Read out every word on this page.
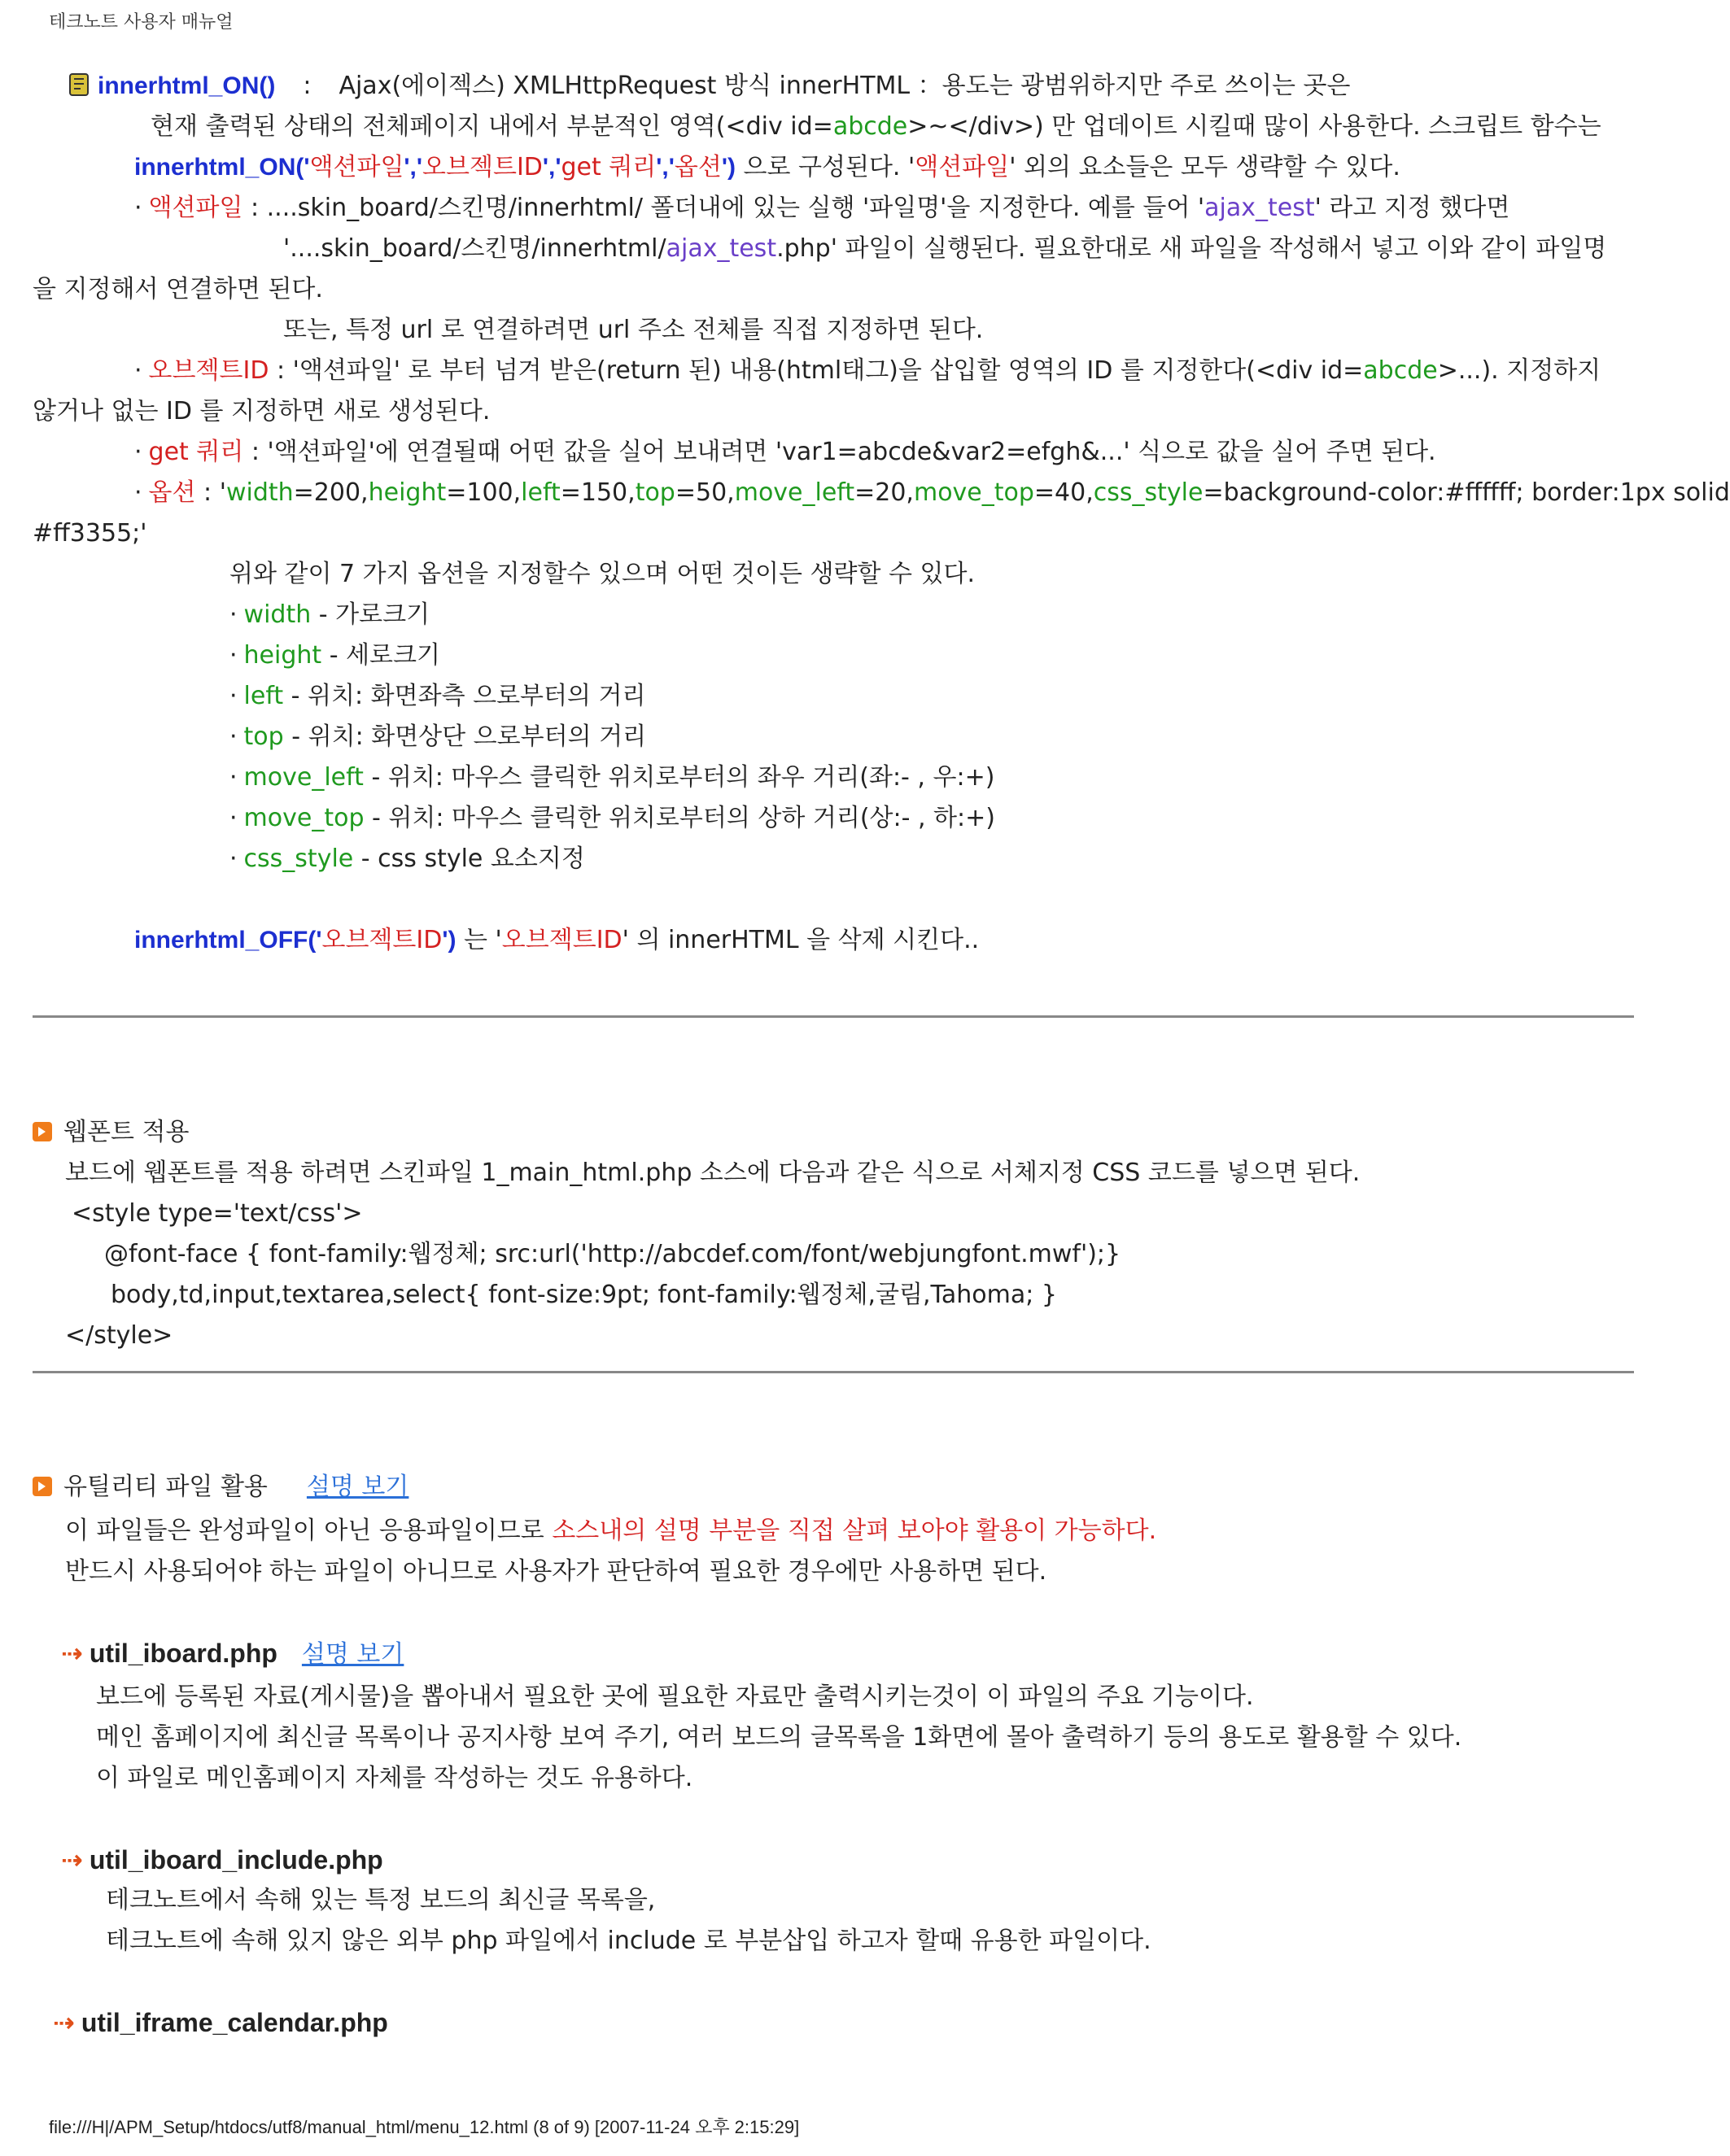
테크노트 사용자 매뉴얼
innerhtml_ON() : Ajax(에이젝스) XMLHttpRequest 방식 innerHTML ：용도는 광범위하지만 주로 쓰이는 곳은
현재 출력된 상태의 전체페이지 내에서 부분적인 영역(<div id=abcde>~</div>) 만 업데이트 시킬때 많이 사용한다. 스크립트 함수는
innerhtml_ON('액션파일','오브젝트ID','get 쿼리','옵션') 으로 구성된다. '액션파일' 외의 요소들은 모두 생략할 수 있다.
· 액션파일 : ....skin_board/스킨명/innerhtml/ 폴더내에 있는 실행 '파일명'을 지정한다. 예를 들어 'ajax_test' 라고 지정 했다면
'....skin_board/스킨명/innerhtml/ajax_test.php' 파일이 실행된다. 필요한대로 새 파일을 작성해서 넣고 이와 같이 파일명
을 지정해서 연결하면 된다.
또는, 특정 url 로 연결하려면 url 주소 전체를 직접 지정하면 된다.
· 오브젝트ID : '액션파일' 로 부터 넘겨 받은(return 된) 내용(html태그)을 삽입할 영역의 ID 를 지정한다(<div id=abcde>...). 지정하지
않거나 없는 ID 를 지정하면 새로 생성된다.
· get 쿼리 : '액션파일'에 연결될때 어떤 값을 실어 보내려면 'var1=abcde&var2=efgh&...' 식으로 값을 실어 주면 된다.
· 옵션 : 'width=200,height=100,left=150,top=50,move_left=20,move_top=40,css_style=background-color:#ffffff; border:1px solid
#ff3355;'
위와 같이 7 가지 옵션을 지정할수 있으며 어떤 것이든 생략할 수 있다.
· width - 가로크기
· height - 세로크기
· left - 위치: 화면좌측 으로부터의 거리
· top - 위치: 화면상단 으로부터의 거리
· move_left - 위치: 마우스 클릭한 위치로부터의 좌우 거리(좌:- , 우:+)
· move_top - 위치: 마우스 클릭한 위치로부터의 상하 거리(상:- , 하:+)
· css_style - css style 요소지정
innerhtml_OFF('오브젝트ID') 는 '오브젝트ID' 의 innerHTML 을 삭제 시킨다..
웹폰트 적용
보드에 웹폰트를 적용 하려면 스킨파일 1_main_html.php 소스에 다음과 같은 식으로 서체지정 CSS 코드를 넣으면 된다.
<style type='text/css'>
@font-face { font-family:웹정체; src:url('http://abcdef.com/font/webjungfont.mwf');}
body,td,input,textarea,select{ font-size:9pt; font-family:웹정체,굴림,Tahoma; }
</style>
유틸리티 파일 활용 설명 보기
이 파일들은 완성파일이 아닌 응용파일이므로 소스내의 설명 부분을 직접 살펴 보아야 활용이 가능하다.
반드시 사용되어야 하는 파일이 아니므로 사용자가 판단하여 필요한 경우에만 사용하면 된다.
⇢ util_iboard.php 설명 보기
보드에 등록된 자료(게시물)을 뽑아내서 필요한 곳에 필요한 자료만 출력시키는것이 이 파일의 주요 기능이다.
메인 홈페이지에 최신글 목록이나 공지사항 보여 주기, 여러 보드의 글목록을 1화면에 몰아 출력하기 등의 용도로 활용할 수 있다.
이 파일로 메인홈페이지 자체를 작성하는 것도 유용하다.
⇢ util_iboard_include.php
테크노트에서 속해 있는 특정 보드의 최신글 목록을,
테크노트에 속해 있지 않은 외부 php 파일에서 include 로 부분삽입 하고자 할때 유용한 파일이다.
⇢ util_iframe_calendar.php
file:///H|/APM_Setup/htdocs/utf8/manual_html/menu_12.html (8 of 9) [2007-11-24 오후 2:15:29]
